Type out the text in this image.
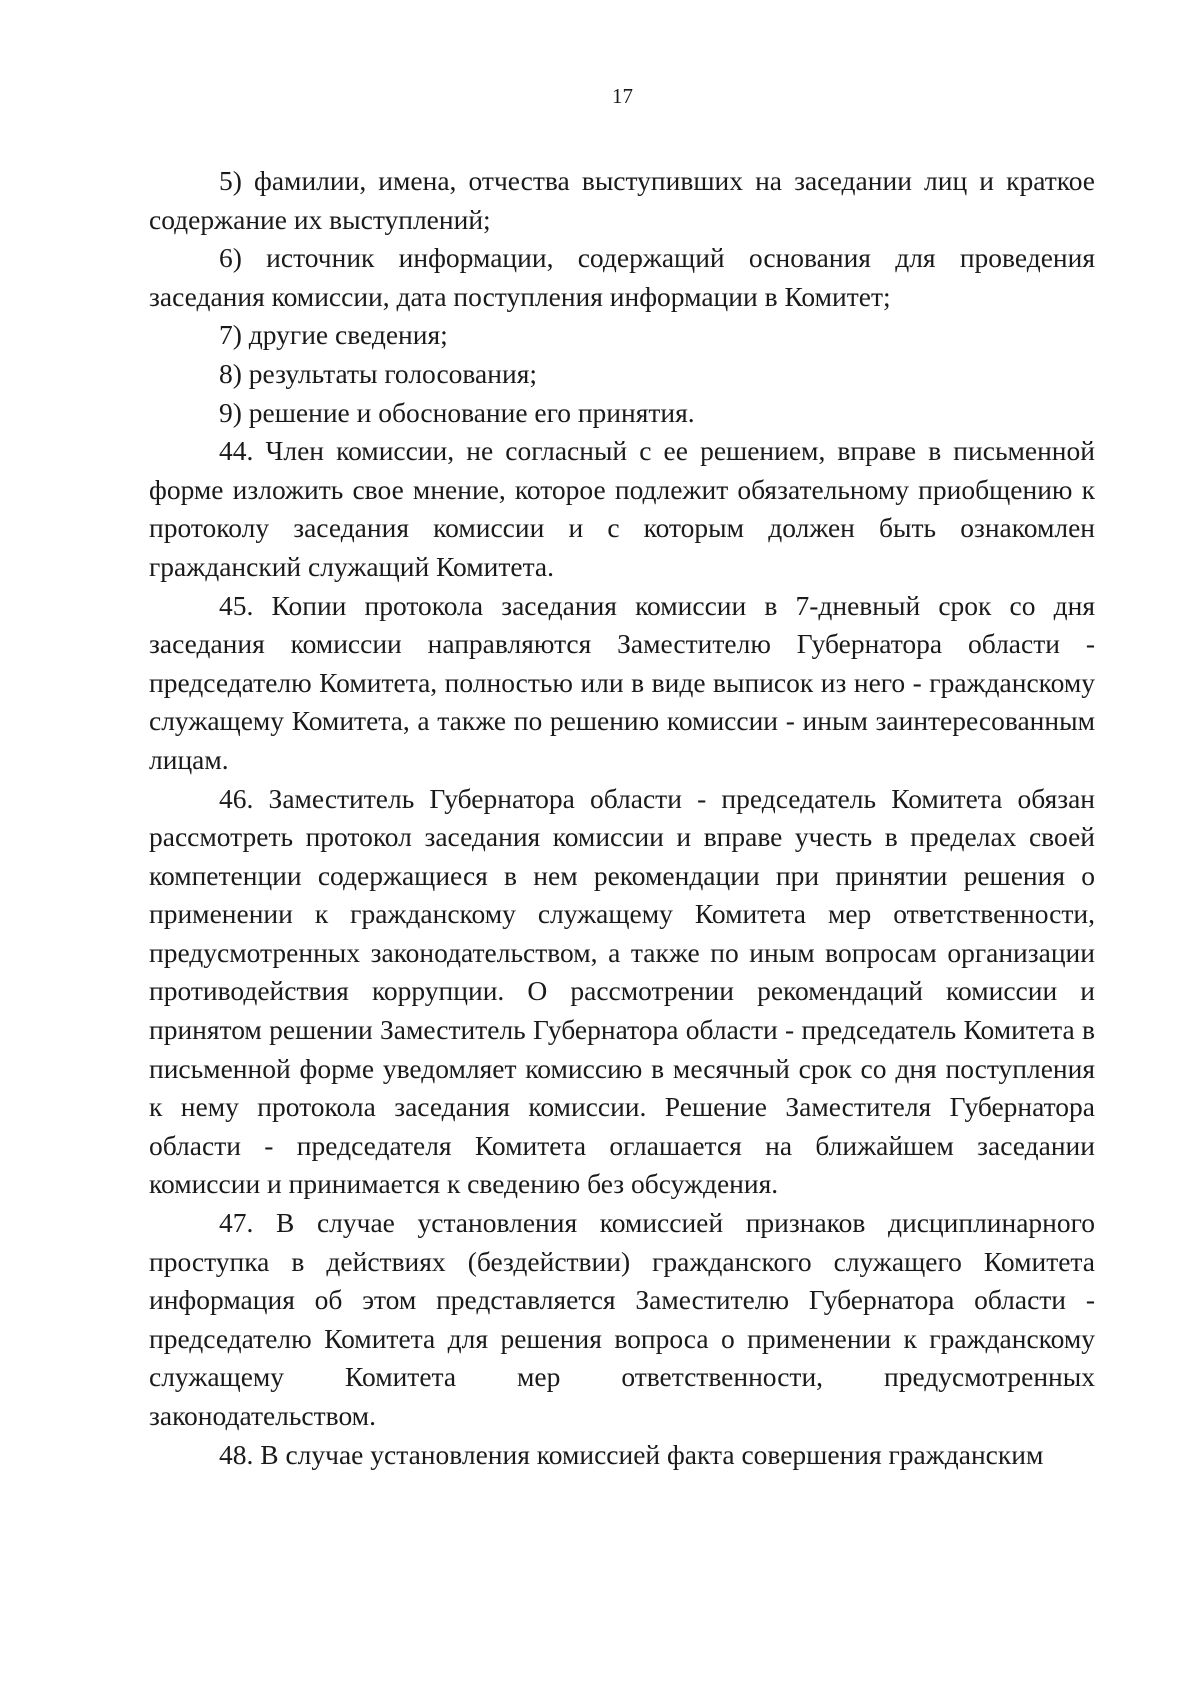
17

5) фамилии, имена, отчества выступивших на заседании лиц и краткое содержание их выступлений;

6) источник информации, содержащий основания для проведения заседания комиссии, дата поступления информации в Комитет;

7) другие сведения;

8) результаты голосования;

9) решение и обоснование его принятия.

44. Член комиссии, не согласный с ее решением, вправе в письменной форме изложить свое мнение, которое подлежит обязательному приобщению к протоколу заседания комиссии и с которым должен быть ознакомлен гражданский служащий Комитета.

45. Копии протокола заседания комиссии в 7-дневный срок со дня заседания комиссии направляются Заместителю Губернатора области - председателю Комитета, полностью или в виде выписок из него - гражданскому служащему Комитета, а также по решению комиссии - иным заинтересованным лицам.

46. Заместитель Губернатора области - председатель Комитета обязан рассмотреть протокол заседания комиссии и вправе учесть в пределах своей компетенции содержащиеся в нем рекомендации при принятии решения о применении к гражданскому служащему Комитета мер ответственности, предусмотренных законодательством, а также по иным вопросам организации противодействия коррупции. О рассмотрении рекомендаций комиссии и принятом решении Заместитель Губернатора области - председатель Комитета в письменной форме уведомляет комиссию в месячный срок со дня поступления к нему протокола заседания комиссии. Решение Заместителя Губернатора области - председателя Комитета оглашается на ближайшем заседании комиссии и принимается к сведению без обсуждения.

47. В случае установления комиссией признаков дисциплинарного проступка в действиях (бездействии) гражданского служащего Комитета информация об этом представляется Заместителю Губернатора области - председателю Комитета для решения вопроса о применении к гражданскому служащему Комитета мер ответственности, предусмотренных законодательством.

48. В случае установления комиссией факта совершения гражданским
